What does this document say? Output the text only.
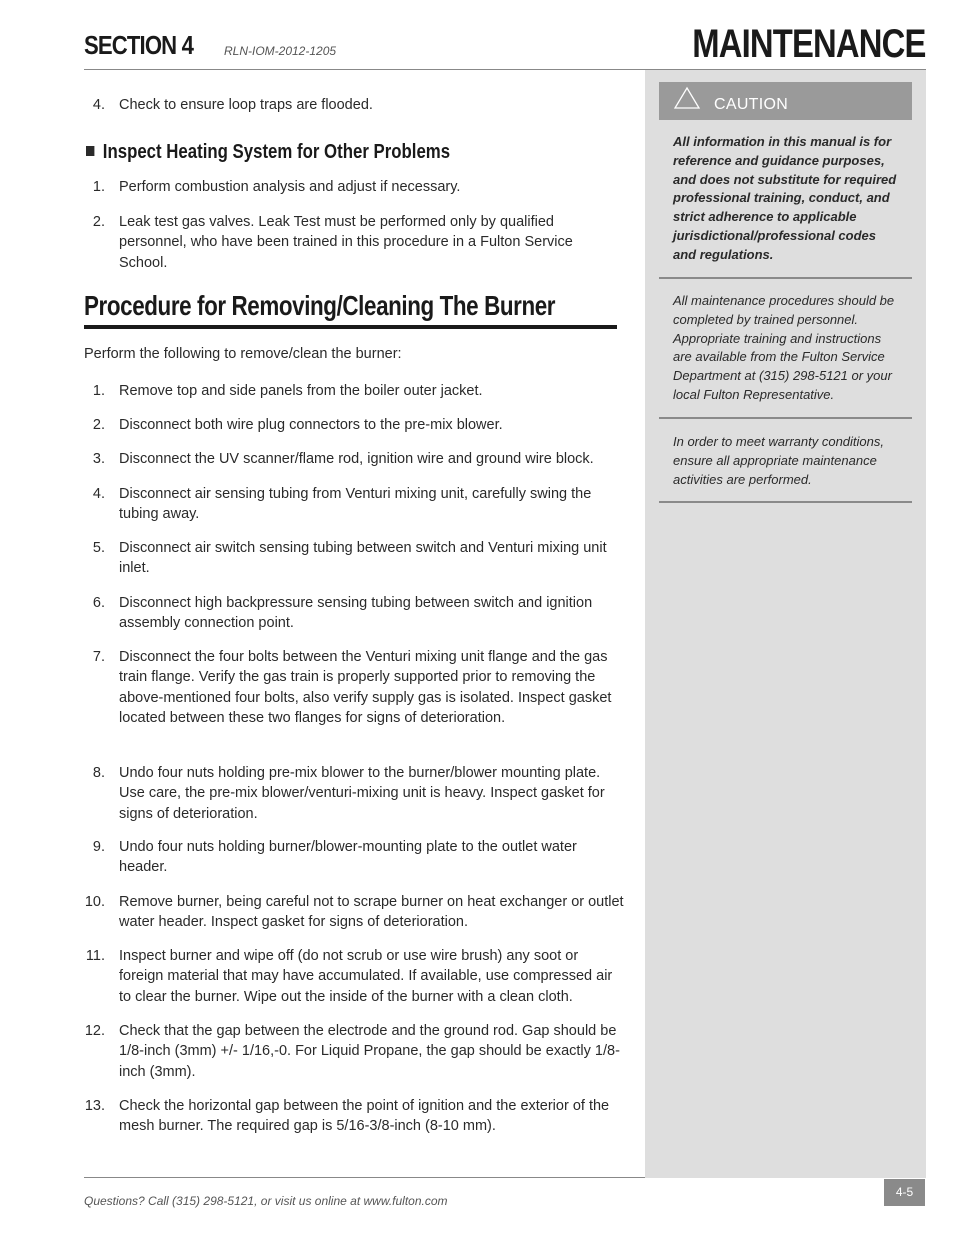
SECTION 4	RLN-IOM-2012-1205	MAINTENANCE
CAUTION
All information in this manual is for reference and guidance purposes, and does not substitute for required professional training, conduct, and strict adherence to applicable jurisdictional/professional codes and regulations.
All maintenance procedures should be completed by trained personnel. Appropriate training and instructions are available from the Fulton Service Department at (315) 298-5121 or your local Fulton Representative.
In order to meet warranty conditions, ensure all appropriate maintenance activities are performed.
4. Check to ensure loop traps are flooded.
Inspect Heating System for Other Problems
1. Perform combustion analysis and adjust if necessary.
2. Leak test gas valves. Leak Test must be performed only by qualified personnel, who have been trained in this procedure in a Fulton Service School.
Procedure for Removing/Cleaning The Burner
Perform the following to remove/clean the burner:
1. Remove top and side panels from the boiler outer jacket.
2. Disconnect both wire plug connectors to the pre-mix blower.
3. Disconnect the UV scanner/flame rod, ignition wire and ground wire block.
4. Disconnect air sensing tubing from Venturi mixing unit, carefully swing the tubing away.
5. Disconnect air switch sensing tubing between switch and Venturi mixing unit inlet.
6. Disconnect high backpressure sensing tubing between switch and ignition assembly connection point.
7. Disconnect the four bolts between the Venturi mixing unit flange and the gas train flange. Verify the gas train is properly supported prior to removing the above-mentioned four bolts, also verify supply gas is isolated. Inspect gasket located between these two flanges for signs of deterioration.
8. Undo four nuts holding pre-mix blower to the burner/blower mounting plate. Use care, the pre-mix blower/venturi-mixing unit is heavy. Inspect gasket for signs of deterioration.
9. Undo four nuts holding burner/blower-mounting plate to the outlet water header.
10. Remove burner, being careful not to scrape burner on heat exchanger or outlet water header. Inspect gasket for signs of deterioration.
11. Inspect burner and wipe off (do not scrub or use wire brush) any soot or foreign material that may have accumulated. If available, use compressed air to clear the burner. Wipe out the inside of the burner with a clean cloth.
12. Check that the gap between the electrode and the ground rod. Gap should be 1/8-inch (3mm) +/- 1/16,-0. For Liquid Propane, the gap should be exactly 1/8-inch (3mm).
13. Check the horizontal gap between the point of ignition and the exterior of the mesh burner. The required gap is 5/16-3/8-inch (8-10 mm).
Questions? Call (315) 298-5121, or visit us online at www.fulton.com
4-5
